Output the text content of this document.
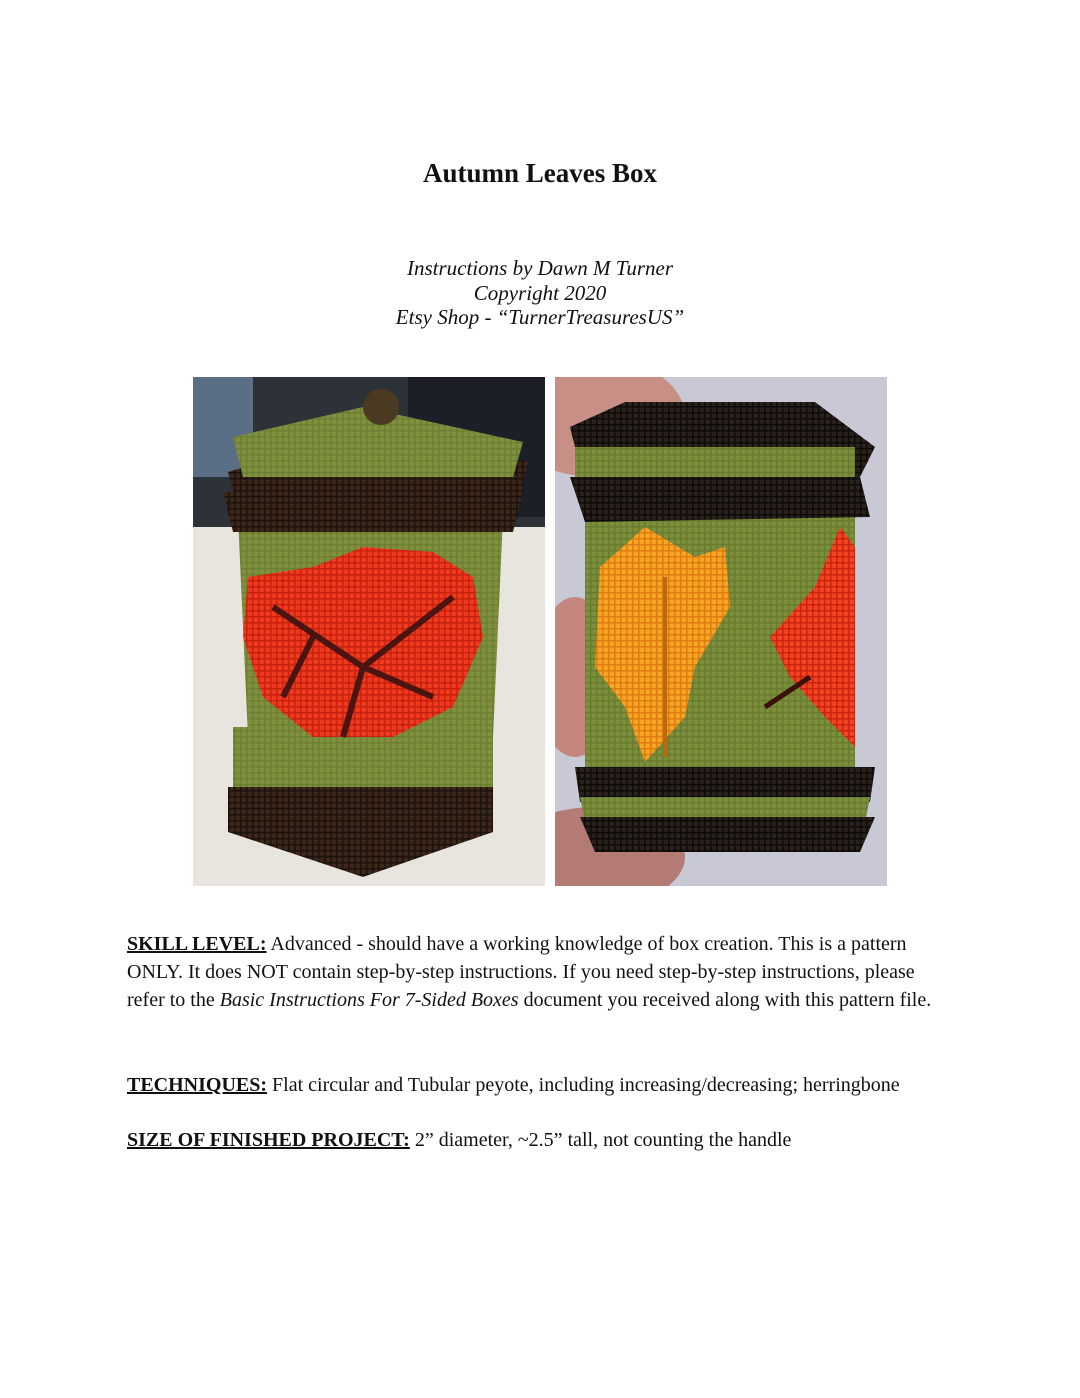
Autumn Leaves Box
Instructions by Dawn M Turner
Copyright 2020
Etsy Shop - “TurnerTreasuresUS”
SKILL LEVEL: Advanced - should have a working knowledge of box creation. This is a pattern ONLY. It does NOT contain step-by-step instructions. If you need step-by-step instructions, please refer to the Basic Instructions For 7-Sided Boxes document you received along with this pattern file.
TECHNIQUES: Flat circular and Tubular peyote, including increasing/decreasing; herringbone
SIZE OF FINISHED PROJECT: 2” diameter, ~2.5” tall, not counting the handle
